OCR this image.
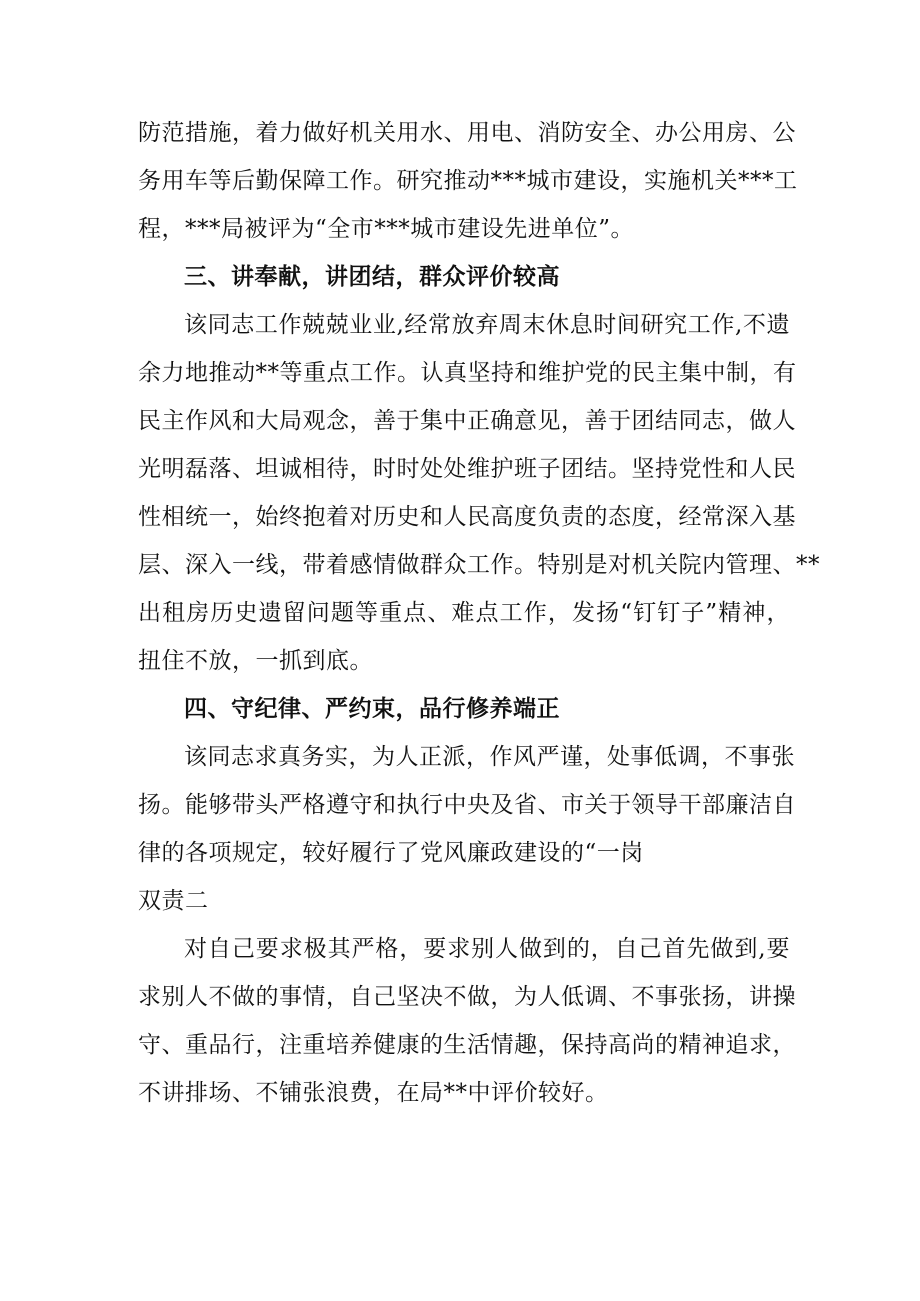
防范措施，着力做好机关用水、用电、消防安全、办公用房、公
务用车等后勤保障工作。研究推动***城市建设，实施机关***工
程，***局被评为“全市***城市建设先进单位”。
三、讲奉献，讲团结，群众评价较高
该同志工作兢兢业业,经常放弃周末休息时间研究工作,不遗
余力地推动**等重点工作。认真坚持和维护党的民主集中制，有
民主作风和大局观念，善于集中正确意见，善于团结同志，做人
光明磊落、坦诚相待，时时处处维护班子团结。坚持党性和人民
性相统一，始终抱着对历史和人民高度负责的态度，经常深入基
层、深入一线，带着感情做群众工作。特别是对机关院内管理、**
出租房历史遗留问题等重点、难点工作，发扬“钉钉子”精神，
扭住不放，一抓到底。
四、守纪律、严约束，品行修养端正
该同志求真务实，为人正派，作风严谨，处事低调，不事张
扬。能够带头严格遵守和执行中央及省、市关于领导干部廉洁自
律的各项规定，较好履行了党风廉政建设的“一岗
双责二
对自己要求极其严格，要求别人做到的，自己首先做到,要
求别人不做的事情，自己坚决不做，为人低调、不事张扬，讲操
守、重品行，注重培养健康的生活情趣，保持高尚的精神追求，
不讲排场、不铺张浪费，在局**中评价较好。
